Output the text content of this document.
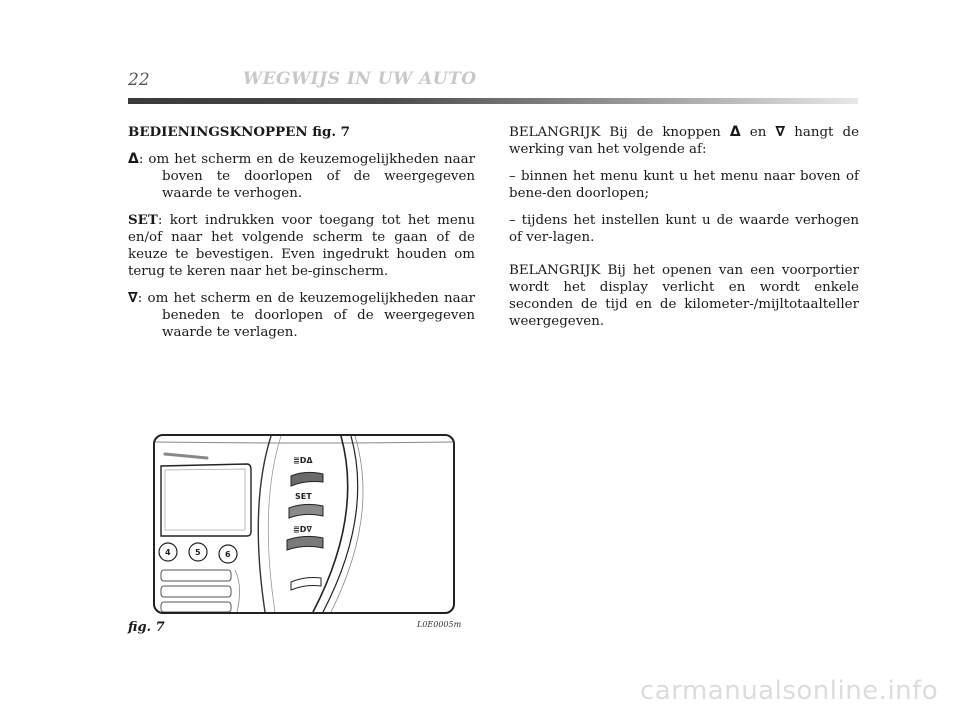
22	WEGWIJS IN UW AUTO

BEDIENINGSKNOPPEN fig. 7

Δ: om het scherm en de keuzemogelijkheden naar boven te doorlopen of de weergegeven waarde te verhogen.

SET: kort indrukken voor toegang tot het menu en/of naar het volgende scherm te gaan of de keuze te bevestigen. Even ingedrukt houden om terug te keren naar het be-ginscherm.

∇: om het scherm en de keuzemogelijkheden naar beneden te doorlopen of de weergegeven waarde te verlagen.

BELANGRIJK Bij de knoppen Δ en ∇ hangt de werking van het volgende af:

– binnen het menu kunt u het menu naar boven of bene-den doorlopen;

– tijdens het instellen kunt u de waarde verhogen of ver-lagen.

BELANGRIJK Bij het openen van een voorportier wordt het display verlicht en wordt enkele seconden de tijd en de kilometer-/mijltotaalteller weergegeven.

≣DΔ
SET
≣D∇
4	5	6
fig. 7	L0E0005m
carmanualsonline.info
